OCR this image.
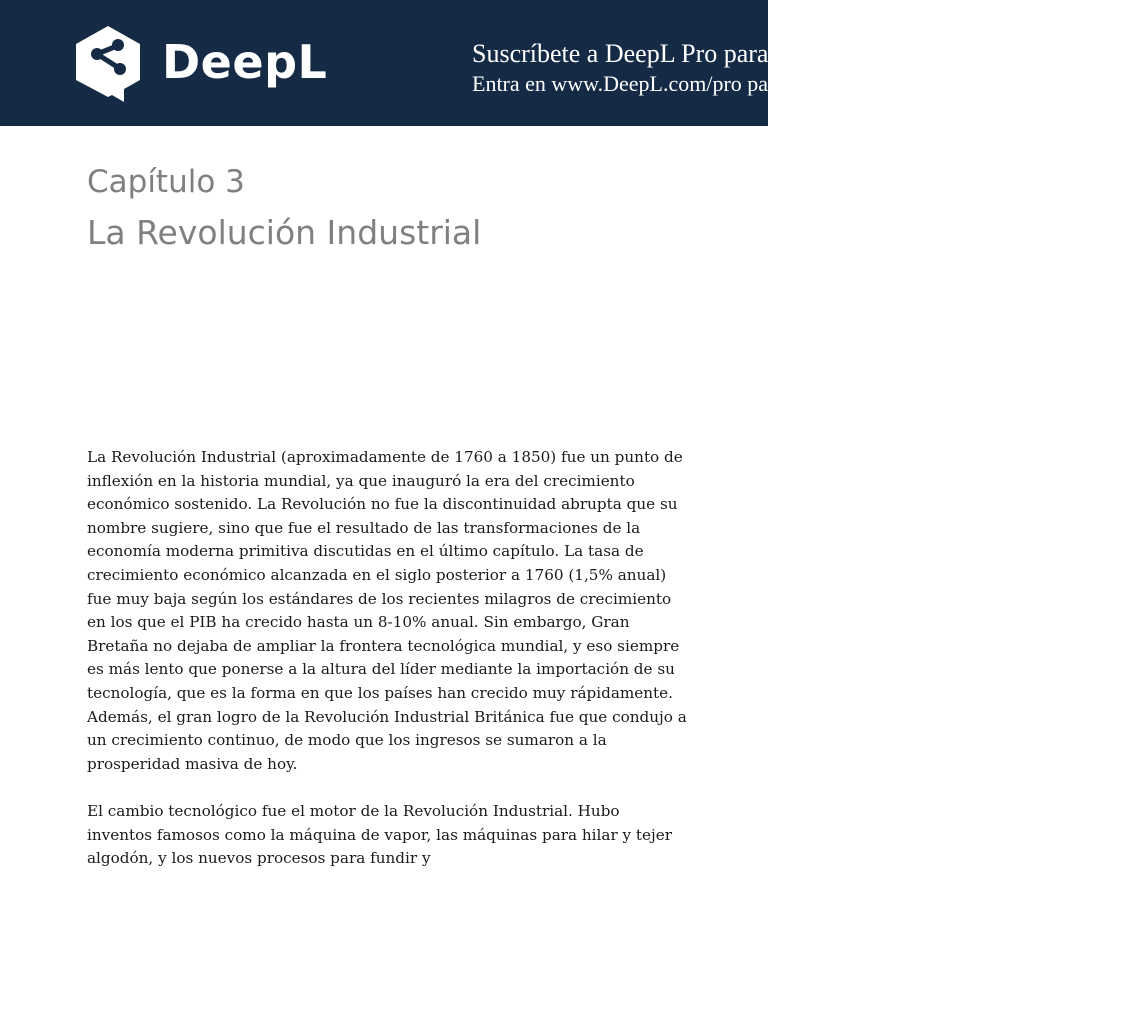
DeepL	Suscríbete a DeepL Pro para traducir archivos de mayor tamaño.
Entra en www.DeepL.com/pro para más información.
Capítulo 3
La Revolución Industrial

La Revolución Industrial (aproximadamente de 1760 a 1850) fue un punto de inflexión en la historia mundial, ya que inauguró la era del crecimiento económico sostenido. La Revolución no fue la discontinuidad abrupta que su nombre sugiere, sino que fue el resultado de las transformaciones de la economía moderna primitiva discutidas en el último capítulo. La tasa de crecimiento económico alcanzada en el siglo posterior a 1760 (1,5% anual) fue muy baja según los estándares de los recientes milagros de crecimiento en los que el PIB ha crecido hasta un 8-10% anual. Sin embargo, Gran Bretaña no dejaba de ampliar la frontera tecnológica mundial, y eso siempre es más lento que ponerse a la altura del líder mediante la importación de su tecnología, que es la forma en que los países han crecido muy rápidamente. Además, el gran logro de la Revolución Industrial Británica fue que condujo a un crecimiento continuo, de modo que los ingresos se sumaron a la prosperidad masiva de hoy.

El cambio tecnológico fue el motor de la Revolución Industrial. Hubo inventos famosos como la máquina de vapor, las máquinas para hilar y tejer algodón, y los nuevos procesos para fundir y
